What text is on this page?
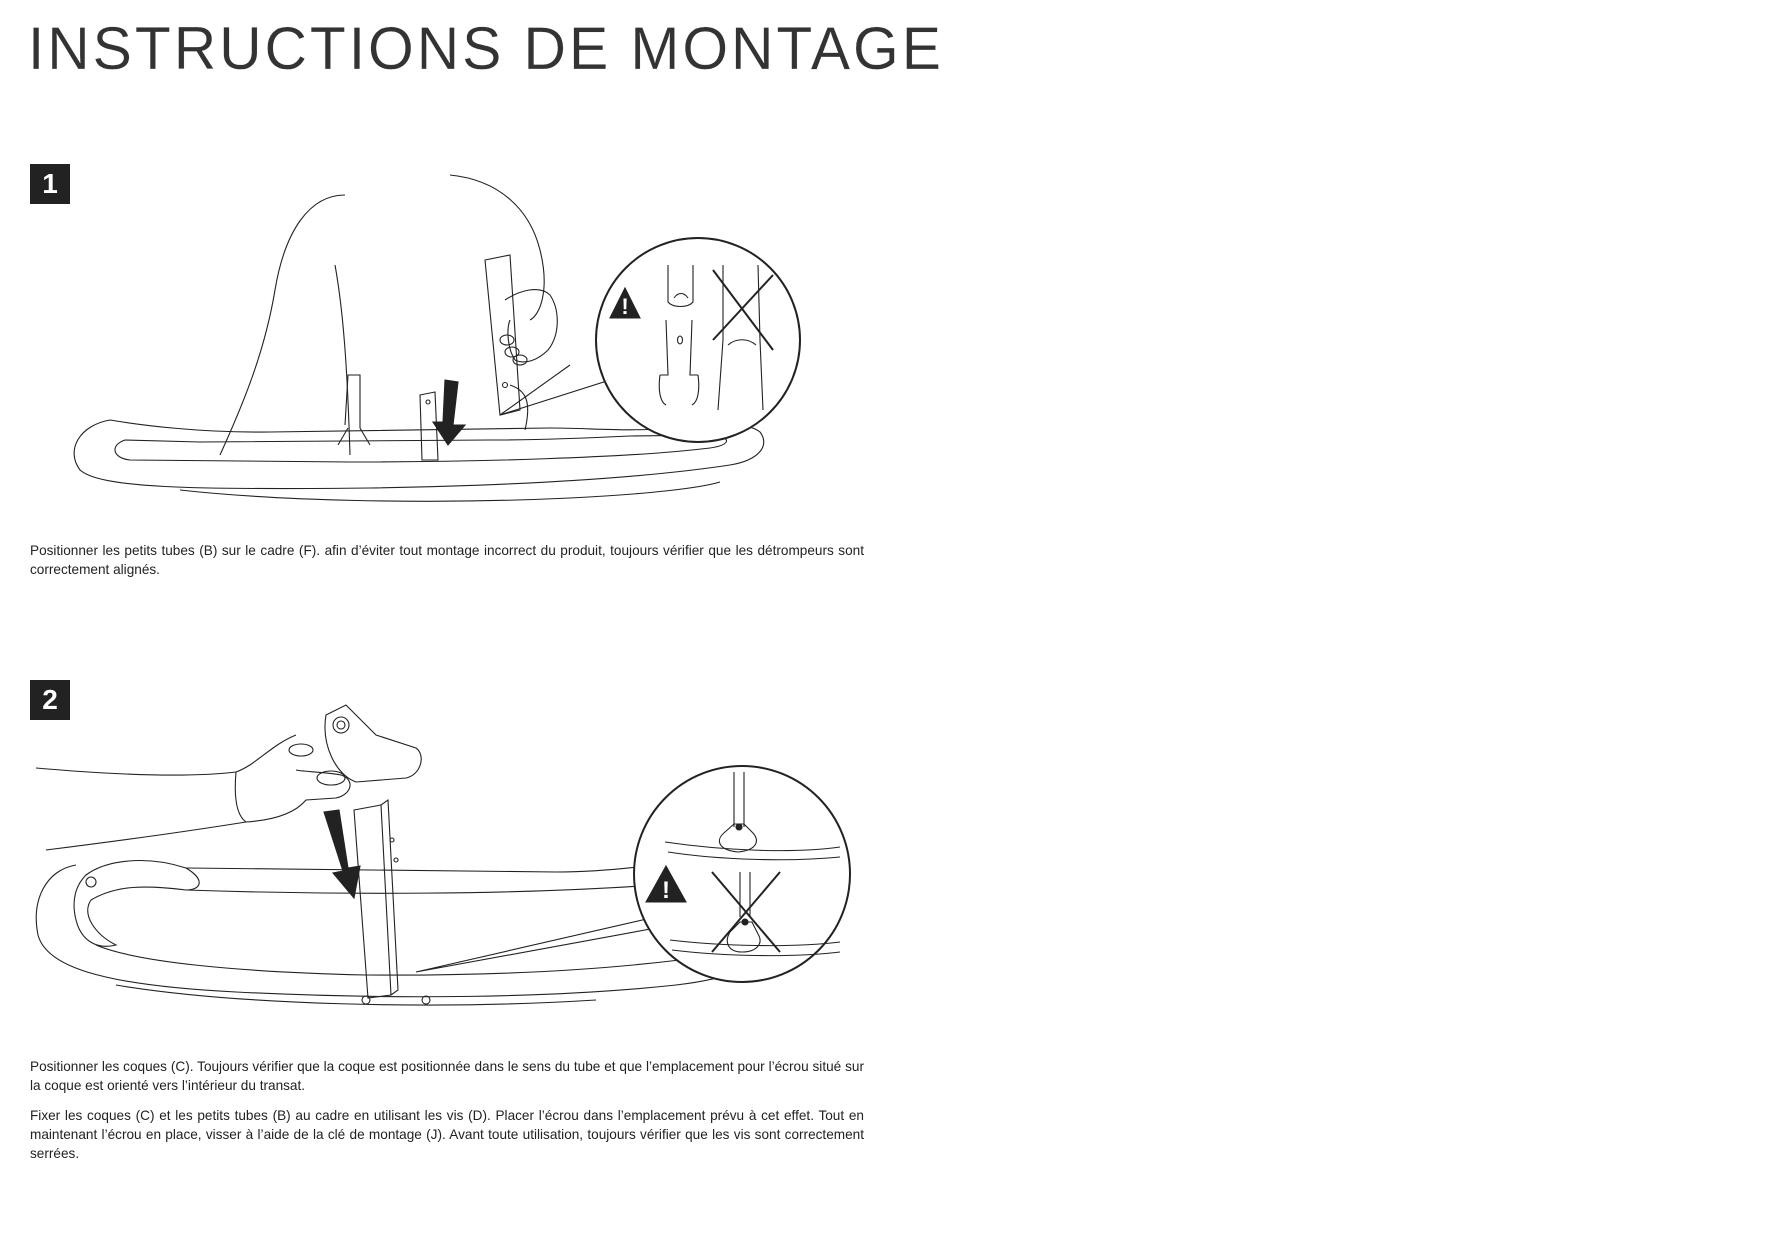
INSTRUCTIONS DE MONTAGE
1
!

Positionner les petits tubes (B) sur le cadre (F). afin d’éviter tout montage incorrect du produit, toujours vérifier que les détrompeurs sont correctement alignés.

2
!

Positionner les coques (C). Toujours vérifier que la coque est positionnée dans le sens du tube et que l’emplacement pour l’écrou situé sur la coque est orienté vers l’intérieur du transat.

Fixer les coques (C) et les petits tubes (B) au cadre en utilisant les vis (D). Placer l’écrou dans l’emplacement prévu à cet effet. Tout en maintenant l’écrou en place, visser à l’aide de la clé de montage (J). Avant toute utilisation, toujours vérifier que les vis sont correctement serrées.
